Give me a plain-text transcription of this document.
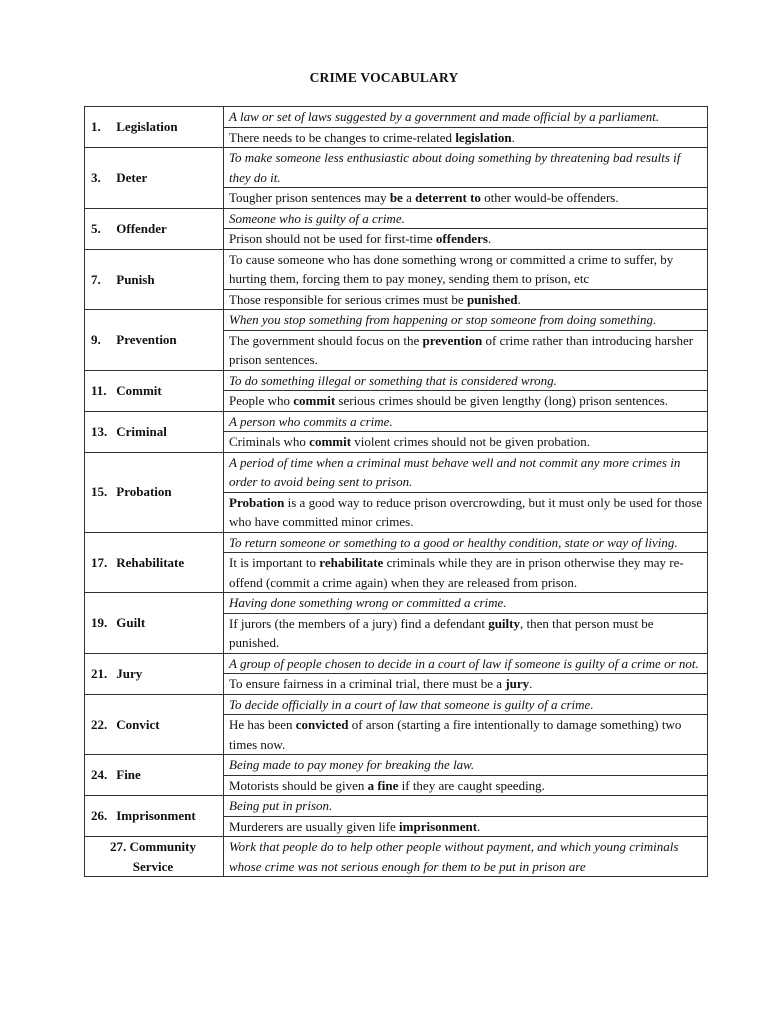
CRIME VOCABULARY
1. Legislation	A law or set of laws suggested by a government and made official by a parliament.
	There needs to be changes to crime-related legislation.
3. Deter	To make someone less enthusiastic about doing something by threatening bad results if they do it.
	Tougher prison sentences may be a deterrent to other would-be offenders.
5. Offender	Someone who is guilty of a crime.
	Prison should not be used for first-time offenders.
7. Punish	To cause someone who has done something wrong or committed a crime to suffer, by hurting them, forcing them to pay money, sending them to prison, etc
	Those responsible for serious crimes must be punished.
9. Prevention	When you stop something from happening or stop someone from doing something.
	The government should focus on the prevention of crime rather than introducing harsher prison sentences.
11. Commit	To do something illegal or something that is considered wrong.
	People who commit serious crimes should be given lengthy (long) prison sentences.
13. Criminal	A person who commits a crime.
	Criminals who commit violent crimes should not be given probation.
15. Probation	A period of time when a criminal must behave well and not commit any more crimes in order to avoid being sent to prison.
	Probation is a good way to reduce prison overcrowding, but it must only be used for those who have committed minor crimes.
17. Rehabilitate	To return someone or something to a good or healthy condition, state or way of living.
	It is important to rehabilitate criminals while they are in prison otherwise they may re-offend (commit a crime again) when they are released from prison.
19. Guilt	Having done something wrong or committed a crime.
	If jurors (the members of a jury) find a defendant guilty, then that person must be punished.
21. Jury	A group of people chosen to decide in a court of law if someone is guilty of a crime or not.
	To ensure fairness in a criminal trial, there must be a jury.
22. Convict	To decide officially in a court of law that someone is guilty of a crime.
	He has been convicted of arson (starting a fire intentionally to damage something) two times now.
24. Fine	Being made to pay money for breaking the law.
	Motorists should be given a fine if they are caught speeding.
26. Imprisonment	Being put in prison.
	Murderers are usually given life imprisonment.
27. Community
Service	Work that people do to help other people without payment, and which young criminals whose crime was not serious enough for them to be put in prison are
